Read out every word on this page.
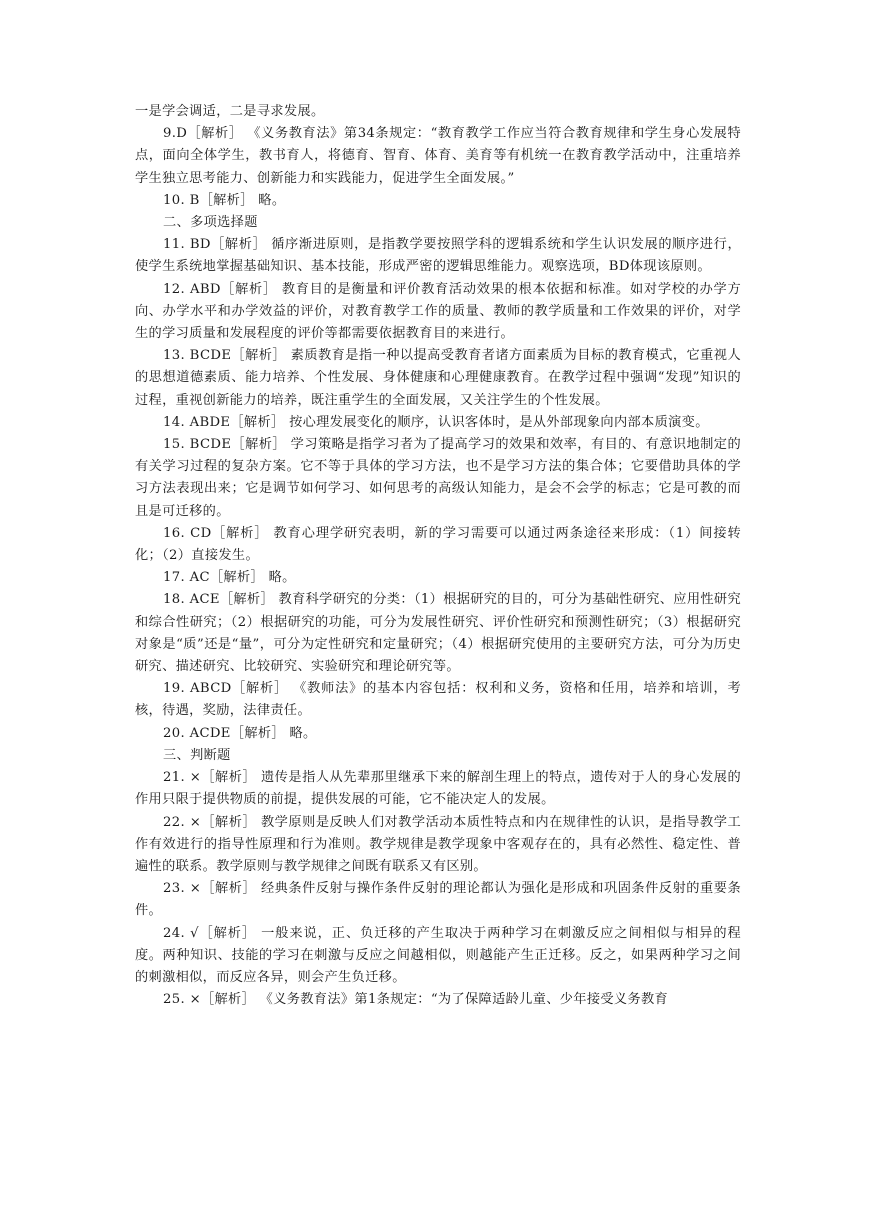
一是学会调适，二是寻求发展。

9.D［解析］ 《义务教育法》第34条规定：“教育教学工作应当符合教育规律和学生身心发展特点，面向全体学生，教书育人，将德育、智育、体育、美育等有机统一在教育教学活动中，注重培养学生独立思考能力、创新能力和实践能力，促进学生全面发展。”

10. B［解析］ 略。

二、多项选择题

11. BD［解析］ 循序渐进原则，是指教学要按照学科的逻辑系统和学生认识发展的顺序进行，使学生系统地掌握基础知识、基本技能，形成严密的逻辑思维能力。观察选项，BD体现该原则。

12. ABD［解析］ 教育目的是衡量和评价教育活动效果的根本依据和标准。如对学校的办学方向、办学水平和办学效益的评价，对教育教学工作的质量、教师的教学质量和工作效果的评价，对学生的学习质量和发展程度的评价等都需要依据教育目的来进行。

13. BCDE［解析］ 素质教育是指一种以提高受教育者诸方面素质为目标的教育模式，它重视人的思想道德素质、能力培养、个性发展、身体健康和心理健康教育。在教学过程中强调“发现”知识的过程，重视创新能力的培养，既注重学生的全面发展，又关注学生的个性发展。

14. ABDE［解析］ 按心理发展变化的顺序，认识客体时，是从外部现象向内部本质演变。

15. BCDE［解析］ 学习策略是指学习者为了提高学习的效果和效率，有目的、有意识地制定的有关学习过程的复杂方案。它不等于具体的学习方法，也不是学习方法的集合体；它要借助具体的学习方法表现出来；它是调节如何学习、如何思考的高级认知能力，是会不会学的标志；它是可教的而且是可迁移的。

16. CD［解析］ 教育心理学研究表明，新的学习需要可以通过两条途径来形成：（1）间接转化；（2）直接发生。

17. AC［解析］ 略。

18. ACE［解析］ 教育科学研究的分类：（1）根据研究的目的，可分为基础性研究、应用性研究和综合性研究；（2）根据研究的功能，可分为发展性研究、评价性研究和预测性研究；（3）根据研究对象是“质”还是“量”，可分为定性研究和定量研究；（4）根据研究使用的主要研究方法，可分为历史研究、描述研究、比较研究、实验研究和理论研究等。

19. ABCD［解析］ 《教师法》的基本内容包括：权利和义务，资格和任用，培养和培训，考核，待遇，奖励，法律责任。

20. ACDE［解析］ 略。

三、判断题

21. ×［解析］ 遗传是指人从先辈那里继承下来的解剖生理上的特点，遗传对于人的身心发展的作用只限于提供物质的前提，提供发展的可能，它不能决定人的发展。

22. ×［解析］ 教学原则是反映人们对教学活动本质性特点和内在规律性的认识，是指导教学工作有效进行的指导性原理和行为准则。教学规律是教学现象中客观存在的，具有必然性、稳定性、普遍性的联系。教学原则与教学规律之间既有联系又有区别。

23. ×［解析］ 经典条件反射与操作条件反射的理论都认为强化是形成和巩固条件反射的重要条件。

24. √［解析］ 一般来说，正、负迁移的产生取决于两种学习在刺激反应之间相似与相异的程度。两种知识、技能的学习在刺激与反应之间越相似，则越能产生正迁移。反之，如果两种学习之间的刺激相似，而反应各异，则会产生负迁移。

25. ×［解析］ 《义务教育法》第1条规定：“为了保障适龄儿童、少年接受义务教育
